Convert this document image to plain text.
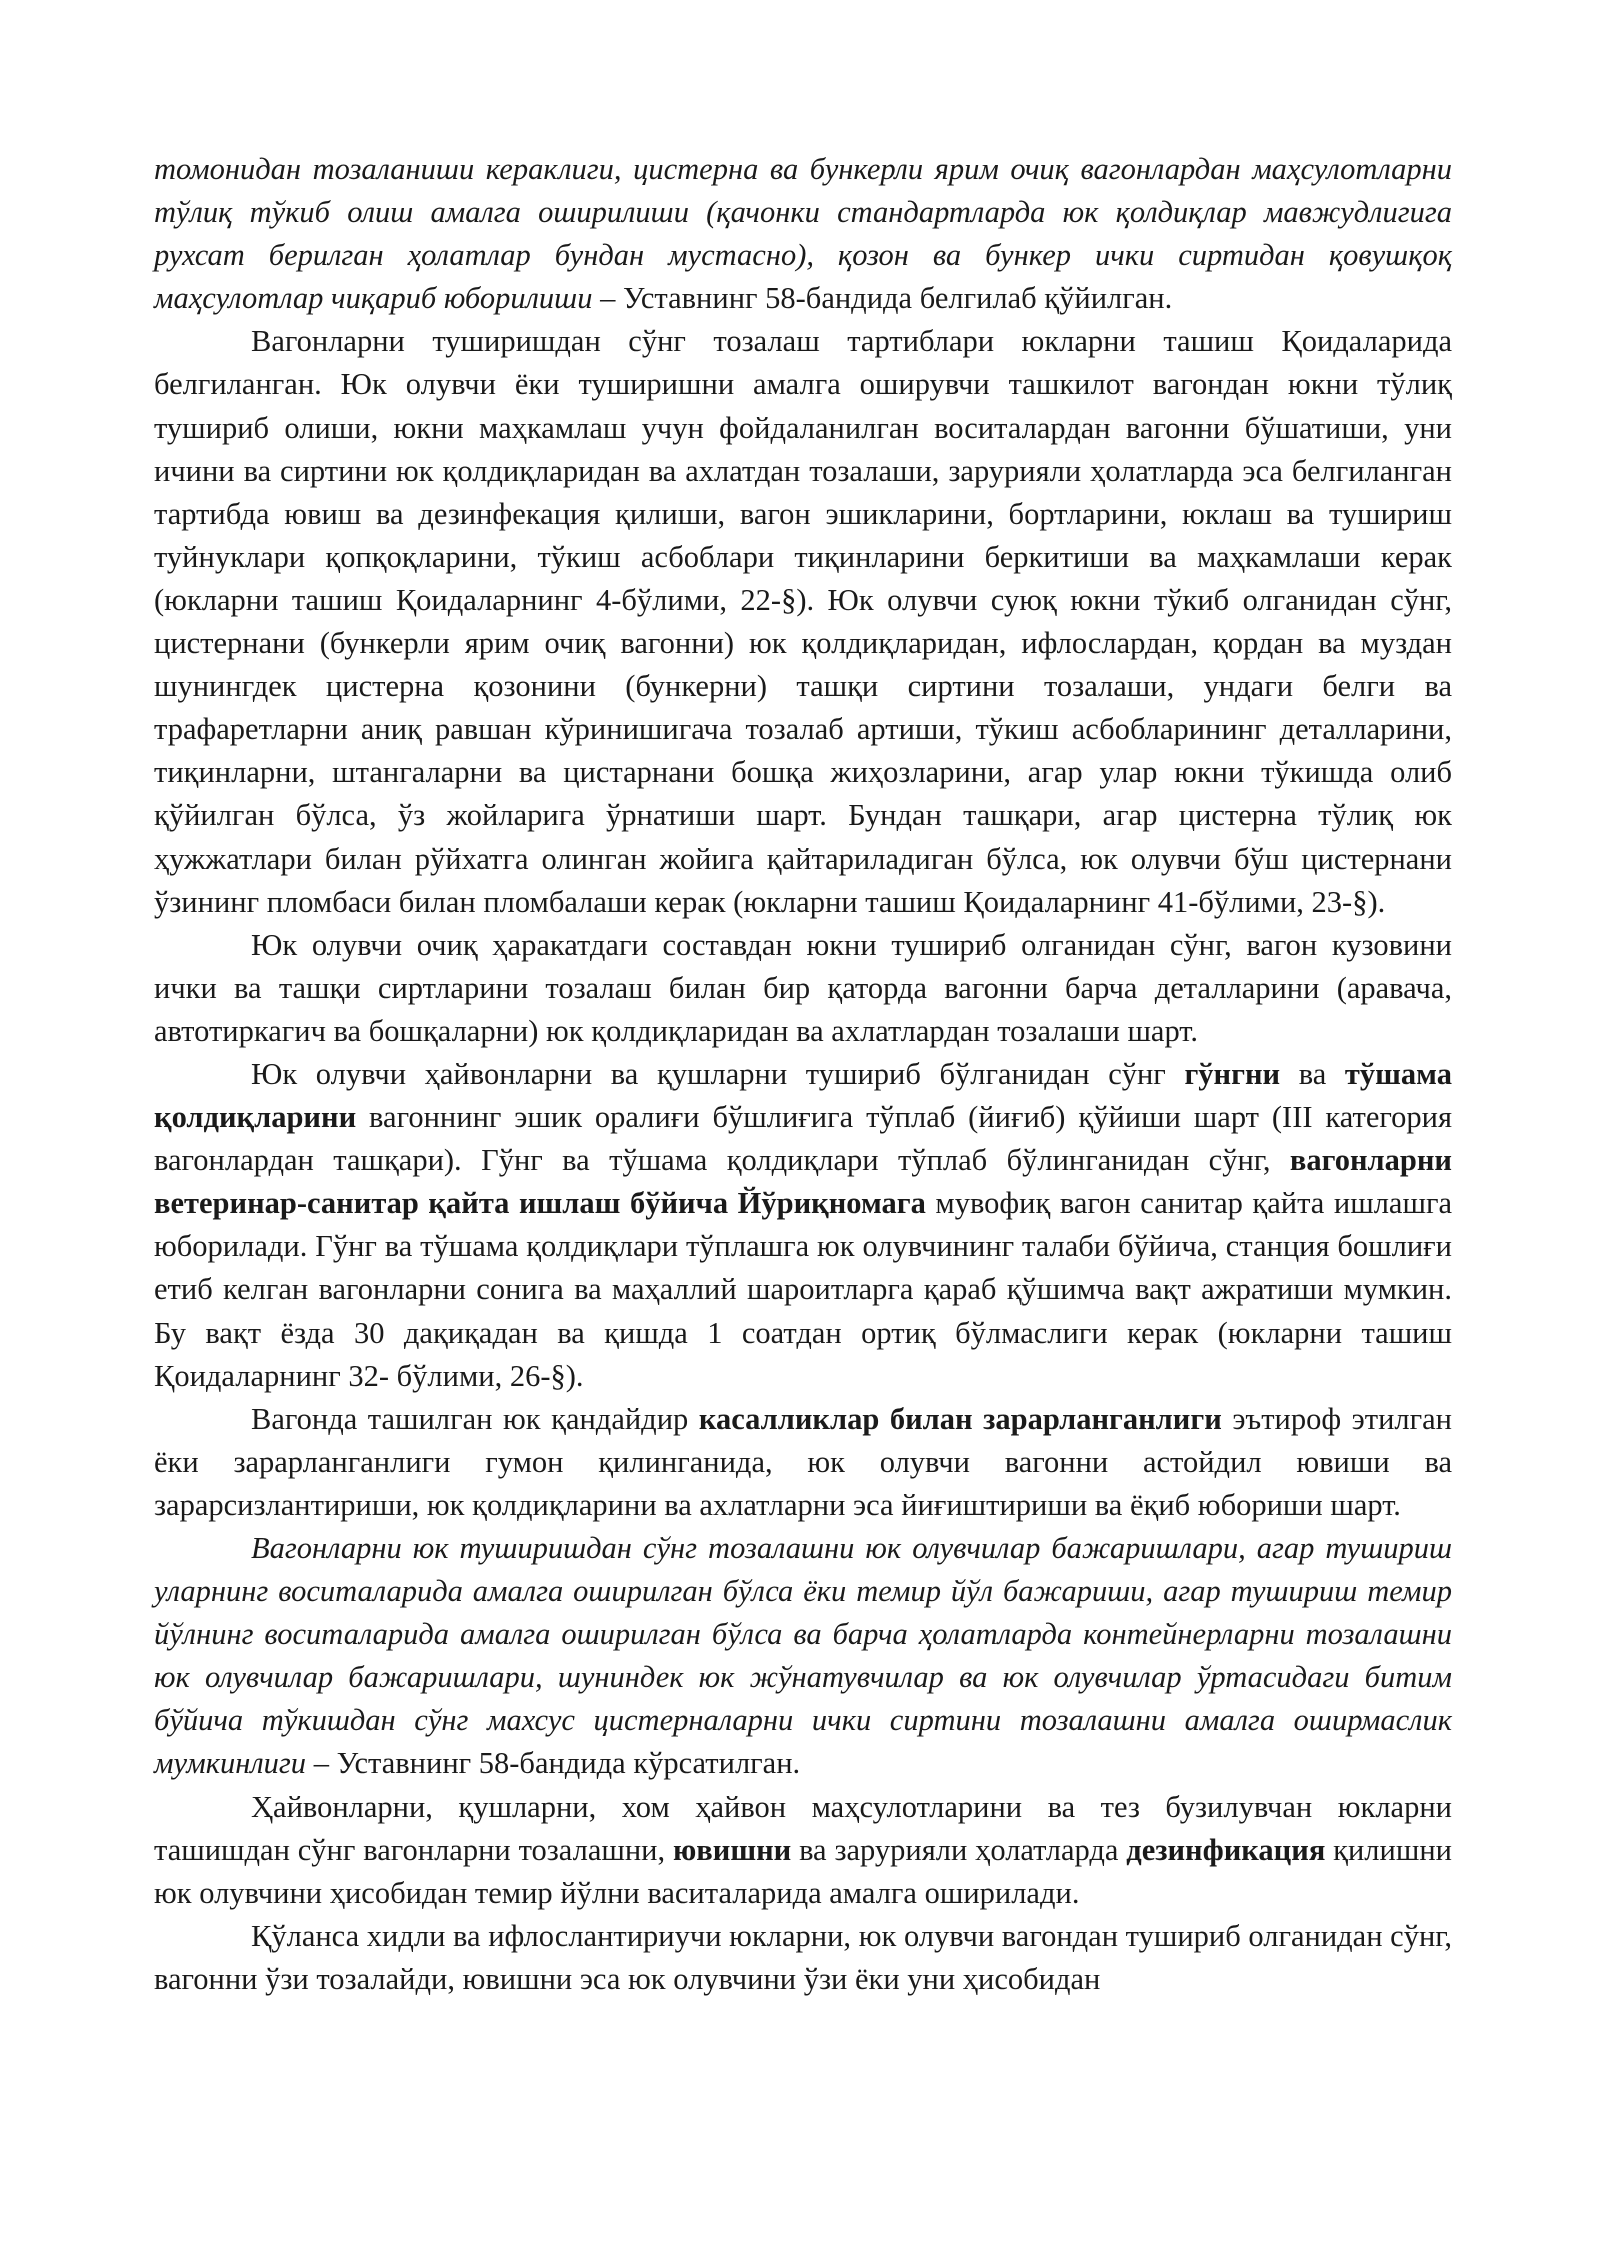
томонидан тозаланиши кераклиги, цистерна ва бункерли ярим очиқ вагонлардан маҳсулотларни тўлиқ тўкиб олиш амалга оширилиши (қачонки стандартларда юк қолдиқлар мавжудлигига рухсат берилган ҳолатлар бундан мустасно), қозон ва бункер ички сиртидан қовушқоқ маҳсулотлар чиқариб юборилиши – Уставнинг 58-бандида белгилаб қўйилган.

Вагонларни туширишдан сўнг тозалаш тартиблари юкларни ташиш Қоидаларида белгиланган. Юк олувчи ёки туширишни амалга оширувчи ташкилот вагондан юкни тўлиқ тушириб олиши, юкни маҳкамлаш учун фойдаланилган воситалардан вагонни бўшатиши, уни ичини ва сиртини юк қолдиқларидан ва ахлатдан тозалаши, зарурияли ҳолатларда эса белгиланган тартибда ювиш ва дезинфекация қилиши, вагон эшикларини, бортларини, юклаш ва тушириш туйнуклари қопқоқларини, тўкиш асбоблари тиқинларини беркитиши ва маҳкамлаши керак (юкларни ташиш Қоидаларнинг 4-бўлими, 22-§). Юк олувчи суюқ юкни тўкиб олганидан сўнг, цистернани (бункерли ярим очиқ вагонни) юк қолдиқларидан, ифлослардан, қордан ва муздан шунингдек цистерна қозонини (бункерни) ташқи сиртини тозалаши, ундаги белги ва трафаретларни аниқ равшан кўринишигача тозалаб артиши, тўкиш асбобларининг деталларини, тиқинларни, штангаларни ва цистарнани бошқа жиҳозларини, агар улар юкни тўкишда олиб қўйилган бўлса, ўз жойларига ўрнатиши шарт. Бундан ташқари, агар цистерна тўлиқ юк ҳужжатлари билан рўйхатга олинган жойига қайтариладиган бўлса, юк олувчи бўш цистернани ўзининг пломбаси билан пломбалаши керак (юкларни ташиш Қоидаларнинг 41-бўлими, 23-§).

Юк олувчи очиқ ҳаракатдаги составдан юкни тушириб олганидан сўнг, вагон кузовини ички ва ташқи сиртларини тозалаш билан бир қаторда вагонни барча деталларини (аравача, автотиркагич ва бошқаларни) юк қолдиқларидан ва ахлатлардан тозалаши шарт.

Юк олувчи ҳайвонларни ва қушларни тушириб бўлганидан сўнг гўнгни ва тўшама қолдиқларини вагоннинг эшик оралиғи бўшлиғига тўплаб (йиғиб) қўйиши шарт (III категория вагонлардан ташқари). Гўнг ва тўшама қолдиқлари тўплаб бўлинганидан сўнг, вагонларни ветеринар-санитар қайта ишлаш бўйича Йўриқномага мувофиқ вагон санитар қайта ишлашга юборилади. Гўнг ва тўшама қолдиқлари тўплашга юк олувчининг талаби бўйича, станция бошлиғи етиб келган вагонларни сонига ва маҳаллий шароитларга қараб қўшимча вақт ажратиши мумкин. Бу вақт ёзда 30 дақиқадан ва қишда 1 соатдан ортиқ бўлмаслиги керак (юкларни ташиш Қоидаларнинг 32- бўлими, 26-§).

Вагонда ташилган юк қандайдир касалликлар билан зарарланганлиги эътироф этилган ёки зарарланганлиги гумон қилинганида, юк олувчи вагонни астойдил ювиши ва зарарсизлантириши, юк қолдиқларини ва ахлатларни эса йиғиштириши ва ёқиб юбориши шарт.

Вагонларни юк туширишдан сўнг тозалашни юк олувчилар бажаришлари, агар тушириш уларнинг воситаларида амалга оширилган бўлса ёки темир йўл бажариши, агар тушириш темир йўлнинг воситаларида амалга оширилган бўлса ва барча ҳолатларда контейнерларни тозалашни юк олувчилар бажаришлари, шуниндек юк жўнатувчилар ва юк олувчилар ўртасидаги битим бўйича тўкишдан сўнг махсус цистерналарни ички сиртини тозалашни амалга оширмаслик мумкинлиги – Уставнинг 58-бандида кўрсатилган.

Ҳайвонларни, қушларни, хом ҳайвон маҳсулотларини ва тез бузилувчан юкларни ташишдан сўнг вагонларни тозалашни, ювишни ва зарурияли ҳолатларда дезинфикация қилишни юк олувчини ҳисобидан темир йўлни васиталарида амалга оширилади.

Қўланса хидли ва ифлослантириучи юкларни, юк олувчи вагондан тушириб олганидан сўнг, вагонни ўзи тозалайди, ювишни эса юк олувчини ўзи ёки уни ҳисобидан
